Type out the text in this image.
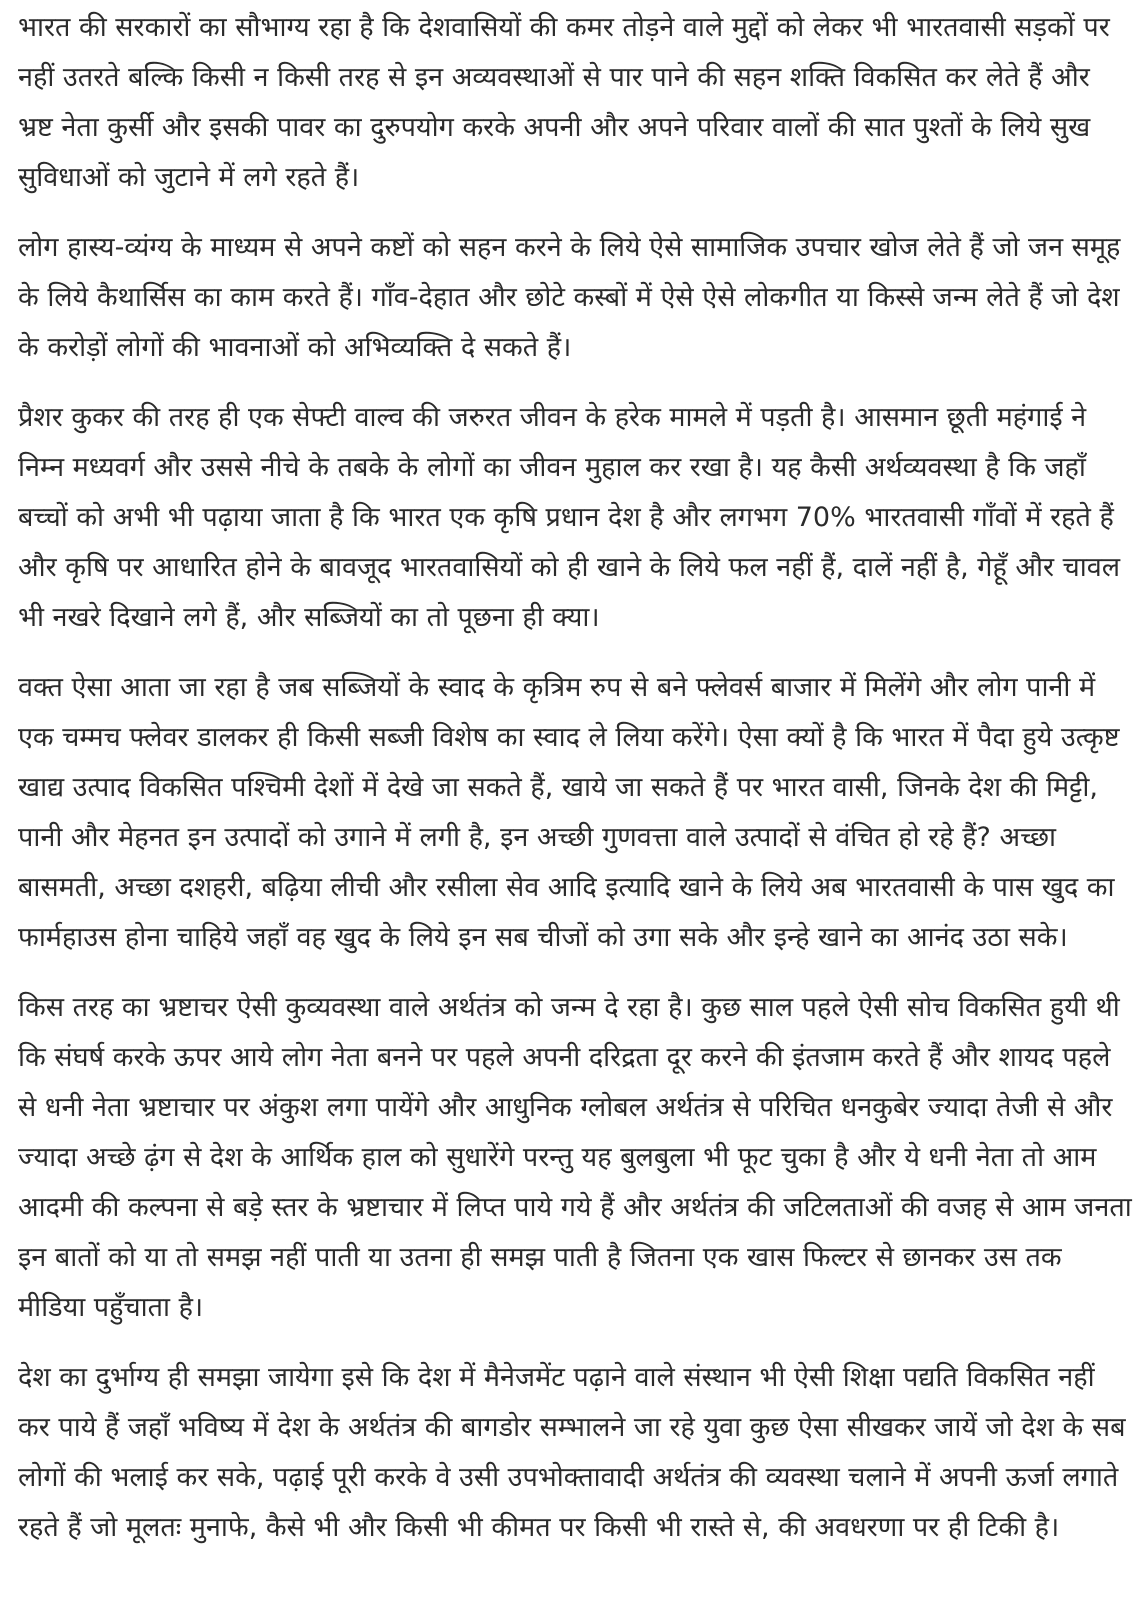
भारत की सरकारों का सौभाग्य रहा है कि देशवासियों की कमर तोड़ने वाले मुद्दों को लेकर भी भारतवासी सड़कों पर नहीं उतरते बल्कि किसी न किसी तरह से इन अव्यवस्थाओं से पार पाने की सहन शक्ति विकसित कर लेते हैं और भ्रष्ट नेता कुर्सी और इसकी पावर का दुरुपयोग करके अपनी और अपने परिवार वालों की सात पुश्तों के लिये सुख सुविधाओं को जुटाने में लगे रहते हैं।

लोग हास्य-व्यंग्य के माध्यम से अपने कष्टों को सहन करने के लिये ऐसे सामाजिक उपचार खोज लेते हैं जो जन समूह के लिये कैथार्सिस का काम करते हैं। गाँव-देहात और छोटे कस्बों में ऐसे ऐसे लोकगीत या किस्से जन्म लेते हैं जो देश के करोड़ों लोगों की भावनाओं को अभिव्यक्ति दे सकते हैं।

प्रैशर कुकर की तरह ही एक सेफ्टी वाल्व की जरुरत जीवन के हरेक मामले में पड़ती है। आसमान छूती महंगाई ने निम्न मध्यवर्ग और उससे नीचे के तबके के लोगों का जीवन मुहाल कर रखा है। यह कैसी अर्थव्यवस्था है कि जहाँ बच्चों को अभी भी पढ़ाया जाता है कि भारत एक कृषि प्रधान देश है और लगभग 70% भारतवासी गाँवों में रहते हैं और कृषि पर आधारित होने के बावजूद भारतवासियों को ही खाने के लिये फल नहीं हैं, दालें नहीं है, गेहूँ और चावल भी नखरे दिखाने लगे हैं, और सब्जियों का तो पूछना ही क्या।

वक्त ऐसा आता जा रहा है जब सब्जियों के स्वाद के कृत्रिम रुप से बने फ्लेवर्स बाजार में मिलेंगे और लोग पानी में एक चम्मच फ्लेवर डालकर ही किसी सब्जी विशेष का स्वाद ले लिया करेंगे। ऐसा क्यों है कि भारत में पैदा हुये उत्कृष्ट खाद्य उत्पाद विकसित पश्चिमी देशों में देखे जा सकते हैं, खाये जा सकते हैं पर भारत वासी, जिनके देश की मिट्टी, पानी और मेहनत इन उत्पादों को उगाने में लगी है, इन अच्छी गुणवत्ता वाले उत्पादों से वंचित हो रहे हैं? अच्छा बासमती, अच्छा दशहरी, बढ़िया लीची और रसीला सेव आदि इत्यादि खाने के लिये अब भारतवासी के पास खुद का फार्महाउस होना चाहिये जहाँ वह खुद के लिये इन सब चीजों को उगा सके और इन्हे खाने का आनंद उठा सके।

किस तरह का भ्रष्टाचर ऐसी कुव्यवस्था वाले अर्थतंत्र को जन्म दे रहा है। कुछ साल पहले ऐसी सोच विकसित हुयी थी कि संघर्ष करके ऊपर आये लोग नेता बनने पर पहले अपनी दरिद्रता दूर करने की इंतजाम करते हैं और शायद पहले से धनी नेता भ्रष्टाचार पर अंकुश लगा पायेंगे और आधुनिक ग्लोबल अर्थतंत्र से परिचित धनकुबेर ज्यादा तेजी से और ज्यादा अच्छे ढ़ंग से देश के आर्थिक हाल को सुधारेंगे परन्तु यह बुलबुला भी फूट चुका है और ये धनी नेता तो आम आदमी की कल्पना से बड़े स्तर के भ्रष्टाचार में लिप्त पाये गये हैं और अर्थतंत्र की जटिलताओं की वजह से आम जनता इन बातों को या तो समझ नहीं पाती या उतना ही समझ पाती है जितना एक खास फिल्टर से छानकर उस तक मीडिया पहुँचाता है।

देश का दुर्भाग्य ही समझा जायेगा इसे कि देश में मैनेजमेंट पढ़ाने वाले संस्थान भी ऐसी शिक्षा पद्यति विकसित नहीं कर पाये हैं जहाँ भविष्य में देश के अर्थतंत्र की बागडोर सम्भालने जा रहे युवा कुछ ऐसा सीखकर जायें जो देश के सब लोगों की भलाई कर सके, पढ़ाई पूरी करके वे उसी उपभोक्तावादी अर्थतंत्र की व्यवस्था चलाने में अपनी ऊर्जा लगाते रहते हैं जो मूलतः मुनाफे, कैसे भी और किसी भी कीमत पर किसी भी रास्ते से, की अवधरणा पर ही टिकी है।
